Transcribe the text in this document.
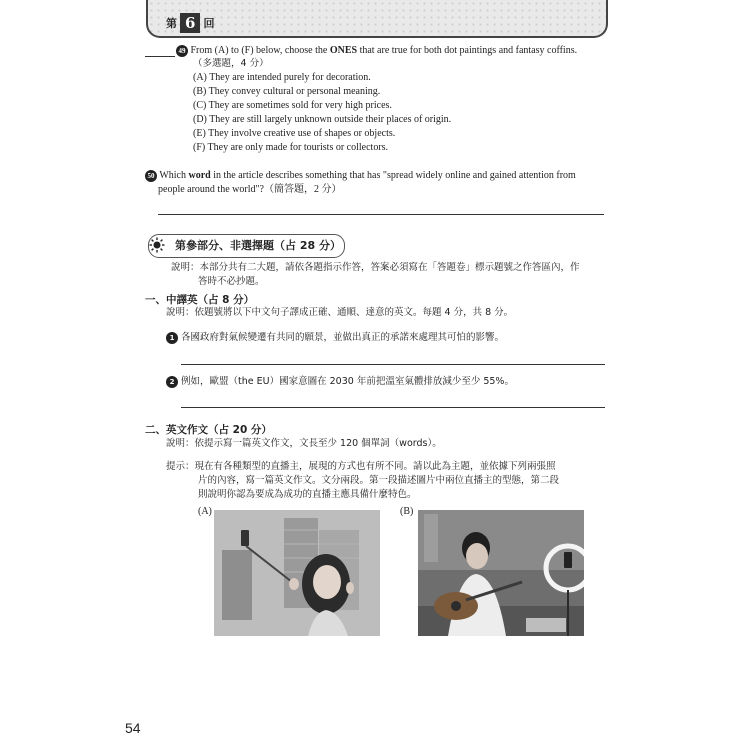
第 6 回
49 From (A) to (F) below, choose the ONES that are true for both dot paintings and fantasy coffins.
（多選題，4 分）
(A) They are intended purely for decoration.
(B) They convey cultural or personal meaning.
(C) They are sometimes sold for very high prices.
(D) They are still largely unknown outside their places of origin.
(E) They involve creative use of shapes or objects.
(F) They are only made for tourists or collectors.
50 Which word in the article describes something that has "spread widely online and gained attention from
people around the world"?（簡答題，2 分）
第參部分、非選擇題（占 28 分）
說明：本部分共有二大題，請依各題指示作答，答案必須寫在「答題卷」標示題號之作答區內，作
答時不必抄題。
一、中譯英（占 8 分）
說明：依題號將以下中文句子譯成正確、通順、達意的英文。每題 4 分，共 8 分。
1 各國政府對氣候變遷有共同的願景，並做出真正的承諾來處理其可怕的影響。
2 例如，歐盟（the EU）國家意圖在 2030 年前把溫室氣體排放減少至少 55%。
二、英文作文（占 20 分）
說明：依提示寫一篇英文作文，文長至少 120 個單詞（words）。
提示：現在有各種類型的直播主，展現的方式也有所不同。請以此為主題，並依據下列兩張照
片的內容，寫一篇英文作文。文分兩段。第一段描述圖片中兩位直播主的型態，第二段
則說明你認為要成為成功的直播主應具備什麼特色。
(A)	(B)
54
